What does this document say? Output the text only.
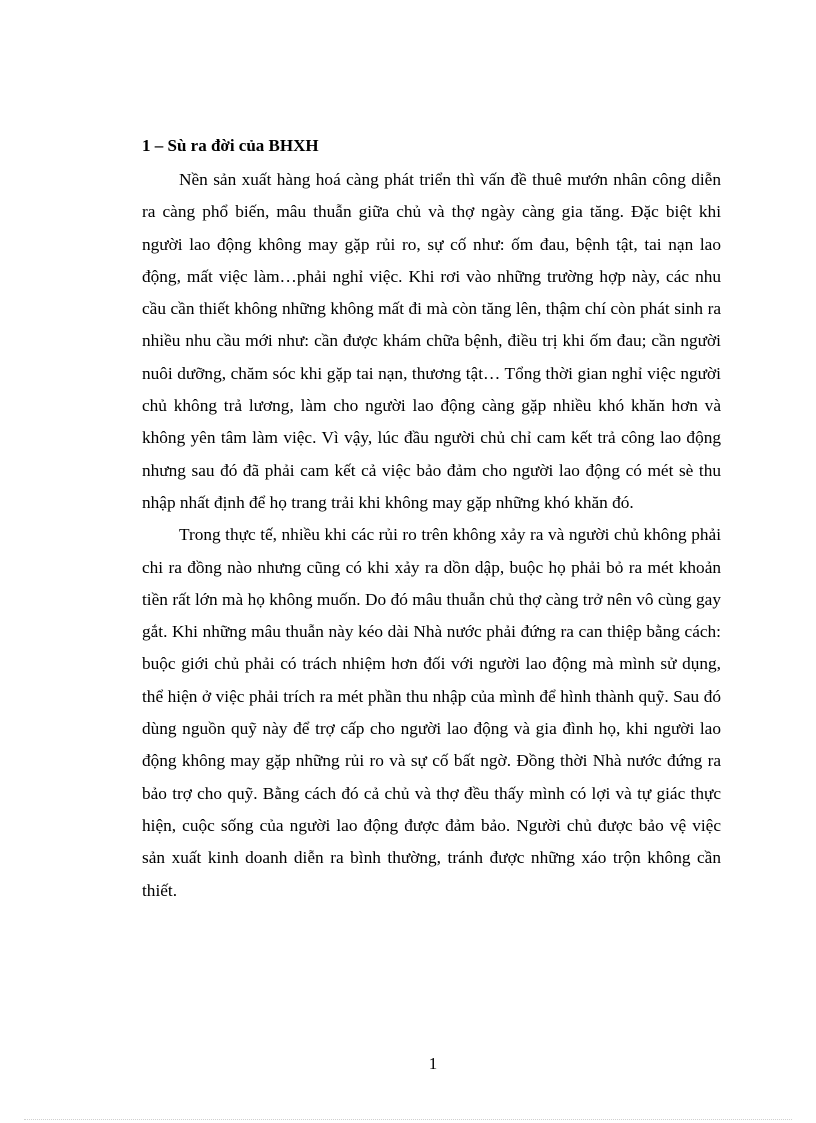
1 – Sù ra đời của BHXH

Nền sản xuất hàng hoá càng phát triển thì vấn đề thuê mướn nhân công diễn ra càng phổ biến, mâu thuẫn giữa chủ và thợ ngày càng gia tăng. Đặc biệt khi người lao động không may gặp rủi ro, sự cố như: ốm đau, bệnh tật, tai nạn lao động, mất việc làm…phải nghỉ việc. Khi rơi vào những trường hợp này, các nhu cầu cần thiết không những không mất đi mà còn tăng lên, thậm chí còn phát sinh ra nhiều nhu cầu mới như: cần được khám chữa bệnh, điều trị khi ốm đau; cần người nuôi dưỡng, chăm sóc khi gặp tai nạn, thương tật… Tổng thời gian nghỉ việc người chủ không trả lương, làm cho người lao động càng gặp nhiều khó khăn hơn và không yên tâm làm việc. Vì vậy, lúc đầu người chủ chỉ cam kết trả công lao động nhưng sau đó đã phải cam kết cả việc bảo đảm cho người lao động có mét sè thu nhập nhất định để họ trang trải khi không may gặp những khó khăn đó.

Trong thực tế, nhiều khi các rủi ro trên không xảy ra và người chủ không phải chi ra đồng nào nhưng cũng có khi xảy ra dồn dập, buộc họ phải bỏ ra mét khoản tiền rất lớn mà họ không muốn. Do đó mâu thuẫn chủ thợ càng trở nên vô cùng gay gắt. Khi những mâu thuẫn này kéo dài Nhà nước phải đứng ra can thiệp bằng cách: buộc giới chủ phải có trách nhiệm hơn đối với người lao động mà mình sử dụng, thể hiện ở việc phải trích ra mét phần thu nhập của mình để hình thành quỹ. Sau đó dùng nguồn quỹ này để trợ cấp cho người lao động và gia đình họ, khi người lao động không may gặp những rủi ro và sự cố bất ngờ. Đồng thời Nhà nước đứng ra bảo trợ cho quỹ. Bằng cách đó cả chủ và thợ đều thấy mình có lợi và tự giác thực hiện, cuộc sống của người lao động được đảm bảo. Người chủ được bảo vệ việc sản xuất kinh doanh diễn ra bình thường, tránh được những xáo trộn không cần thiết.

1
